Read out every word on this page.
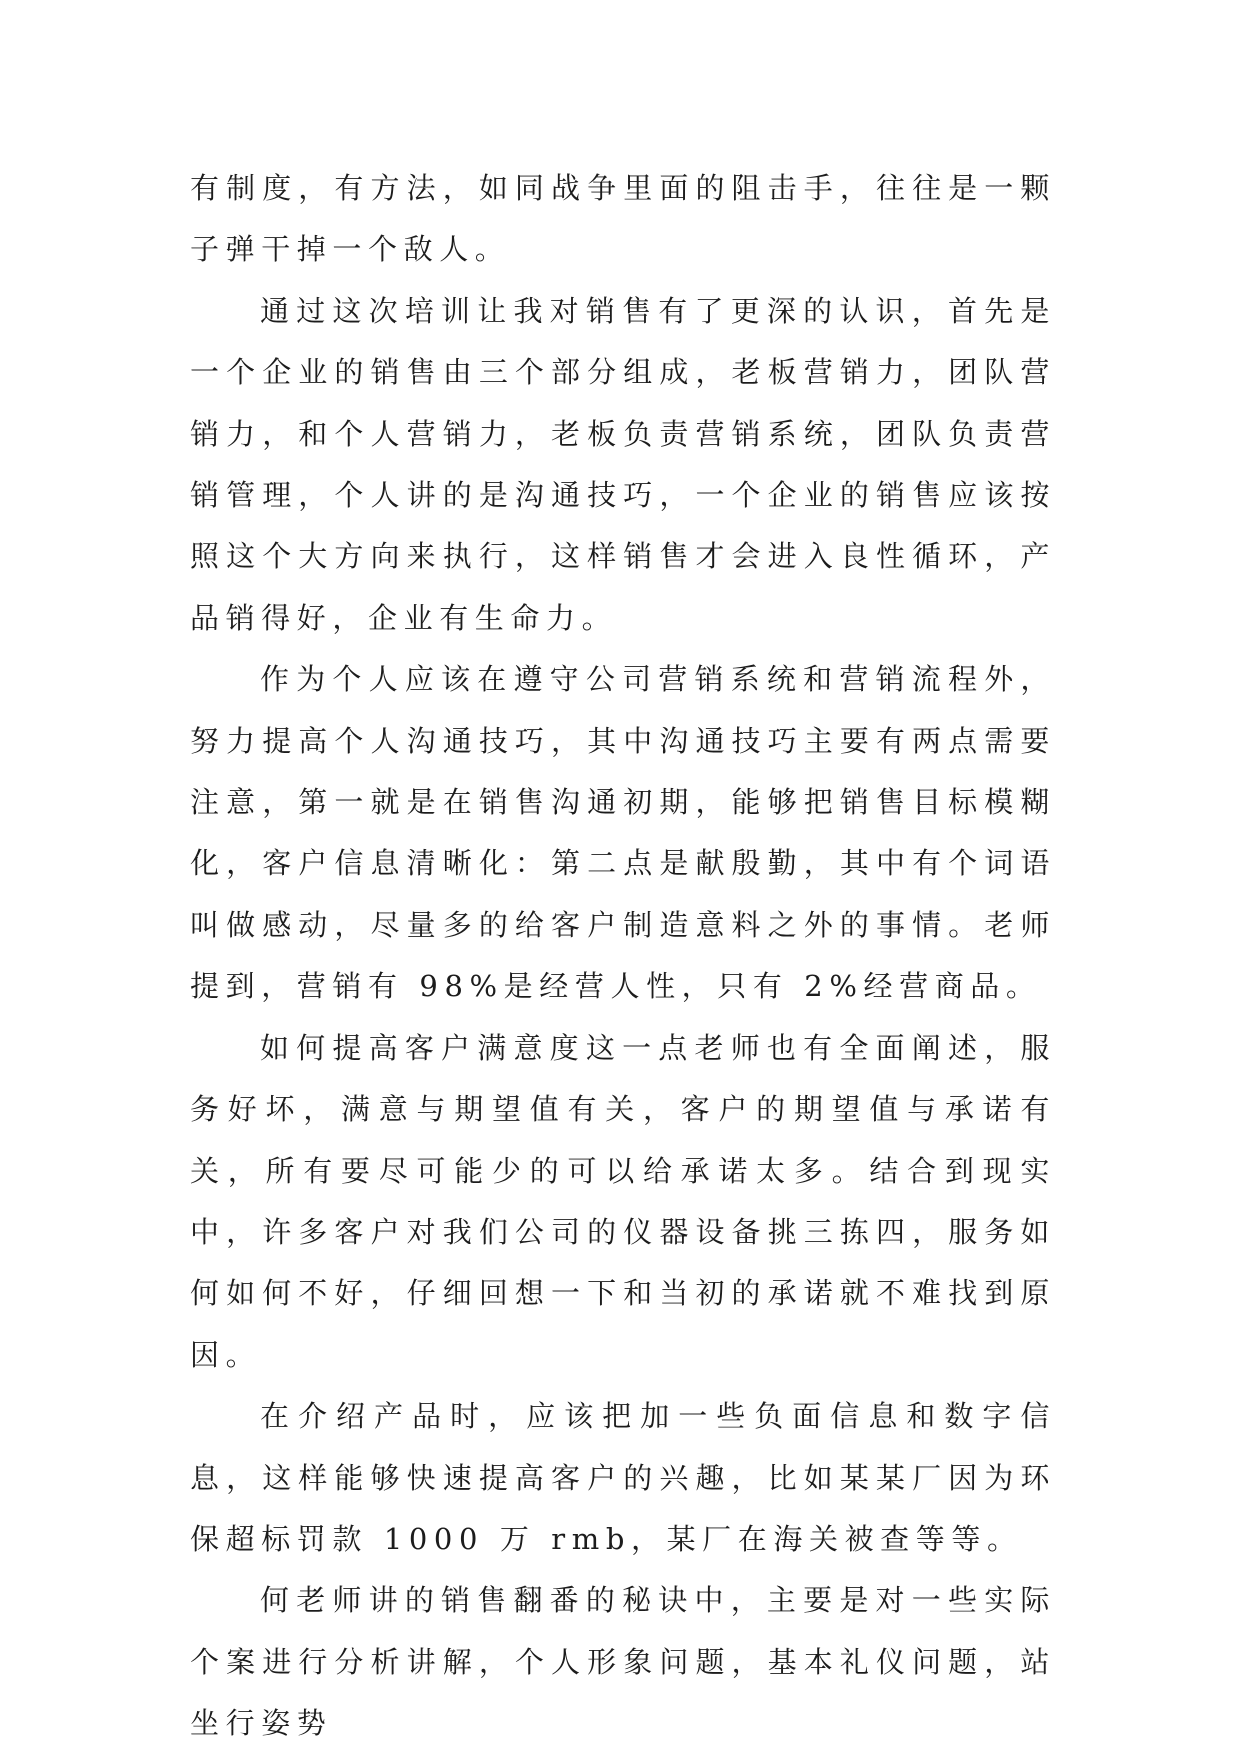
有制度，有方法，如同战争里面的阻击手，往往是一颗子弹干掉一个敌人。

通过这次培训让我对销售有了更深的认识，首先是一个企业的销售由三个部分组成，老板营销力，团队营销力，和个人营销力，老板负责营销系统，团队负责营销管理，个人讲的是沟通技巧，一个企业的销售应该按照这个大方向来执行，这样销售才会进入良性循环，产品销得好，企业有生命力。

作为个人应该在遵守公司营销系统和营销流程外，努力提高个人沟通技巧，其中沟通技巧主要有两点需要注意，第一就是在销售沟通初期，能够把销售目标模糊化，客户信息清晰化：第二点是献殷勤，其中有个词语叫做感动，尽量多的给客户制造意料之外的事情。老师提到，营销有 98%是经营人性，只有 2%经营商品。

如何提高客户满意度这一点老师也有全面阐述，服务好坏，满意与期望值有关，客户的期望值与承诺有关，所有要尽可能少的可以给承诺太多。结合到现实中，许多客户对我们公司的仪器设备挑三拣四，服务如何如何不好，仔细回想一下和当初的承诺就不难找到原因。

在介绍产品时，应该把加一些负面信息和数字信息，这样能够快速提高客户的兴趣，比如某某厂因为环保超标罚款 1000 万 rmb，某厂在海关被查等等。

何老师讲的销售翻番的秘诀中，主要是对一些实际个案进行分析讲解，个人形象问题，基本礼仪问题，站坐行姿势
